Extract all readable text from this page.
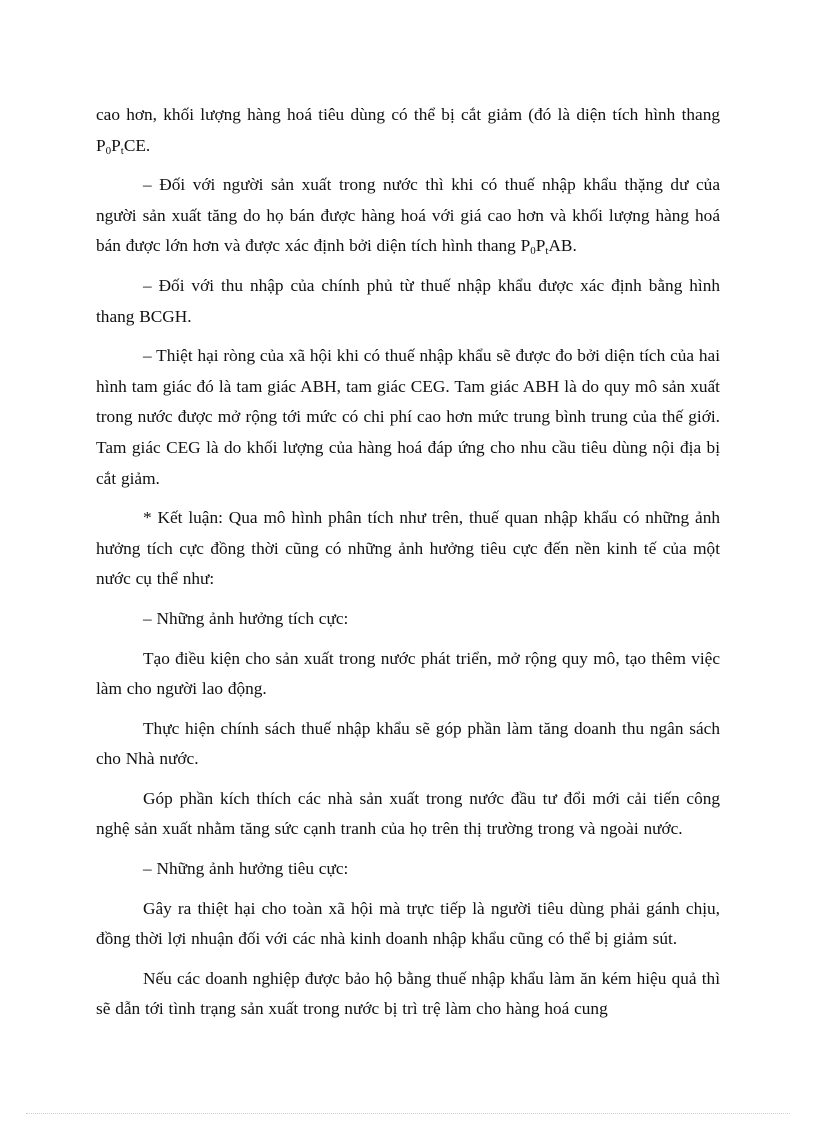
cao hơn, khối lượng hàng hoá tiêu dùng có thể bị cắt giảm (đó là diện tích hình thang $P_0P_tCE$.

– Đối với người sản xuất trong nước thì khi có thuế nhập khẩu thặng dư của người sản xuất tăng do họ bán được hàng hoá với giá cao hơn và khối lượng hàng hoá bán được lớn hơn và được xác định bởi diện tích hình thang $P_0P_tAB$.

– Đối với thu nhập của chính phủ từ thuế nhập khẩu được xác định bằng hình thang BCGH.

– Thiệt hại ròng của xã hội khi có thuế nhập khẩu sẽ được đo bởi diện tích của hai hình tam giác đó là tam giác ABH, tam giác CEG. Tam giác ABH là do quy mô sản xuất trong nước được mở rộng tới mức có chi phí cao hơn mức trung bình trung của thế giới. Tam giác CEG là do khối lượng của hàng hoá đáp ứng cho nhu cầu tiêu dùng nội địa bị cắt giảm.

* Kết luận: Qua mô hình phân tích như trên, thuế quan nhập khẩu có những ảnh hưởng tích cực đồng thời cũng có những ảnh hưởng tiêu cực đến nền kinh tế của một nước cụ thể như:

– Những ảnh hưởng tích cực:

Tạo điều kiện cho sản xuất trong nước phát triển, mở rộng quy mô, tạo thêm việc làm cho người lao động.

Thực hiện chính sách thuế nhập khẩu sẽ góp phần làm tăng doanh thu ngân sách cho Nhà nước.

Góp phần kích thích các nhà sản xuất trong nước đầu tư đổi mới cải tiến công nghệ sản xuất nhằm tăng sức cạnh tranh của họ trên thị trường trong và ngoài nước.

– Những ảnh hưởng tiêu cực:

Gây ra thiệt hại cho toàn xã hội mà trực tiếp là người tiêu dùng phải gánh chịu, đồng thời lợi nhuận đối với các nhà kinh doanh nhập khẩu cũng có thể bị giảm sút.

Nếu các doanh nghiệp được bảo hộ bằng thuế nhập khẩu làm ăn kém hiệu quả thì sẽ dẫn tới tình trạng sản xuất trong nước bị trì trệ làm cho hàng hoá cung
